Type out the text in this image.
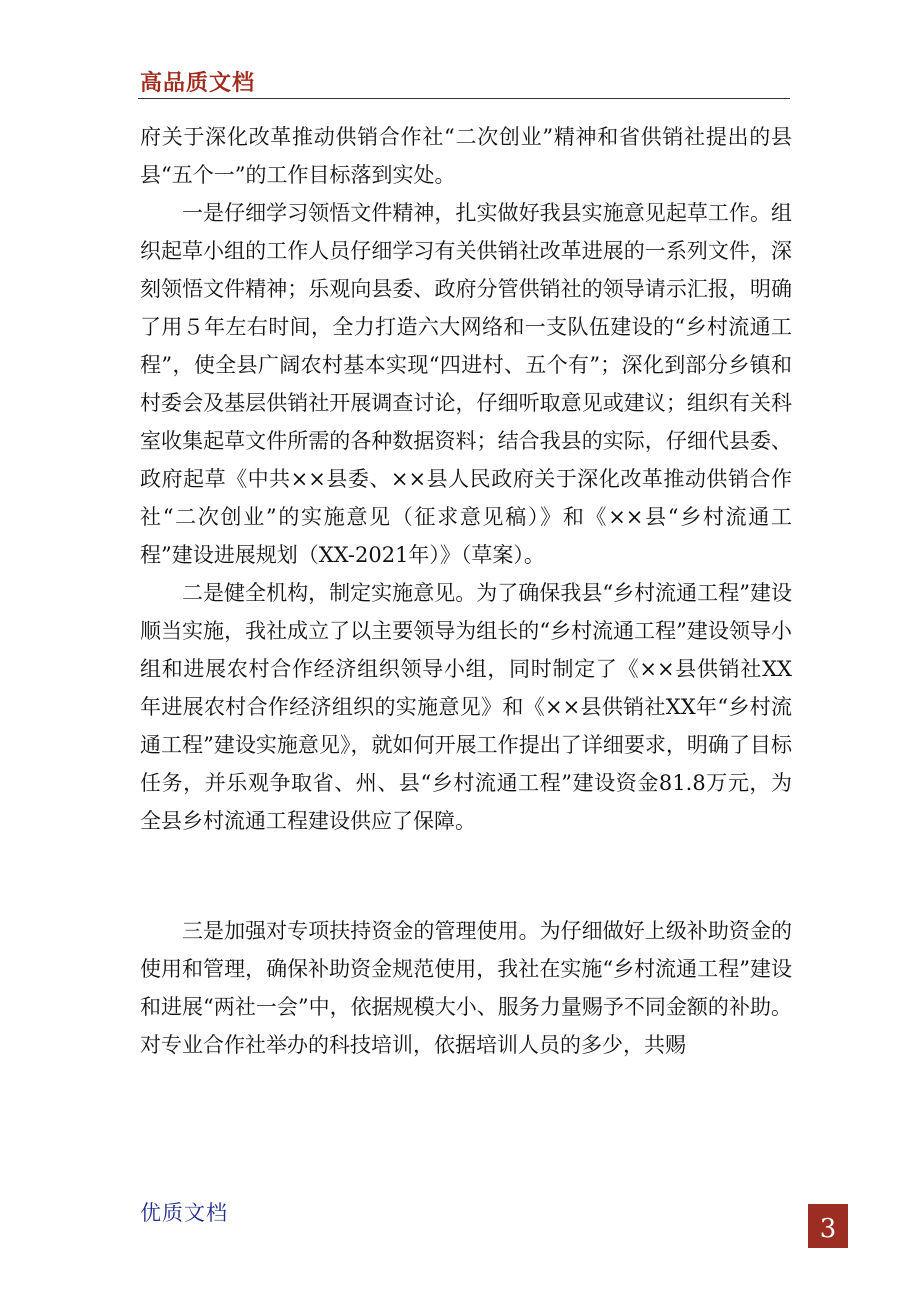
高品质文档

府关于深化改革推动供销合作社“二次创业”精神和省供销社提出的县县“五个一”的工作目标落到实处。

一是仔细学习领悟文件精神，扎实做好我县实施意见起草工作。组织起草小组的工作人员仔细学习有关供销社改革进展的一系列文件，深刻领悟文件精神；乐观向县委、政府分管供销社的领导请示汇报，明确了用５年左右时间，全力打造六大网络和一支队伍建设的“乡村流通工程”，使全县广阔农村基本实现“四进村、五个有”；深化到部分乡镇和村委会及基层供销社开展调查讨论，仔细听取意见或建议；组织有关科室收集起草文件所需的各种数据资料；结合我县的实际，仔细代县委、政府起草《中共××县委、××县人民政府关于深化改革推动供销合作社“二次创业”的实施意见（征求意见稿）》和《××县“乡村流通工程”建设进展规划（XX-2021年）》（草案）。

二是健全机构，制定实施意见。为了确保我县“乡村流通工程”建设顺当实施，我社成立了以主要领导为组长的“乡村流通工程”建设领导小组和进展农村合作经济组织领导小组，同时制定了《××县供销社XX年进展农村合作经济组织的实施意见》和《××县供销社XX年“乡村流通工程”建设实施意见》，就如何开展工作提出了详细要求，明确了目标任务，并乐观争取省、州、县“乡村流通工程”建设资金81.8万元，为全县乡村流通工程建设供应了保障。

三是加强对专项扶持资金的管理使用。为仔细做好上级补助资金的使用和管理，确保补助资金规范使用，我社在实施“乡村流通工程”建设和进展“两社一会”中，依据规模大小、服务力量赐予不同金额的补助。对专业合作社举办的科技培训，依据培训人员的多少，共赐

优质文档
3
